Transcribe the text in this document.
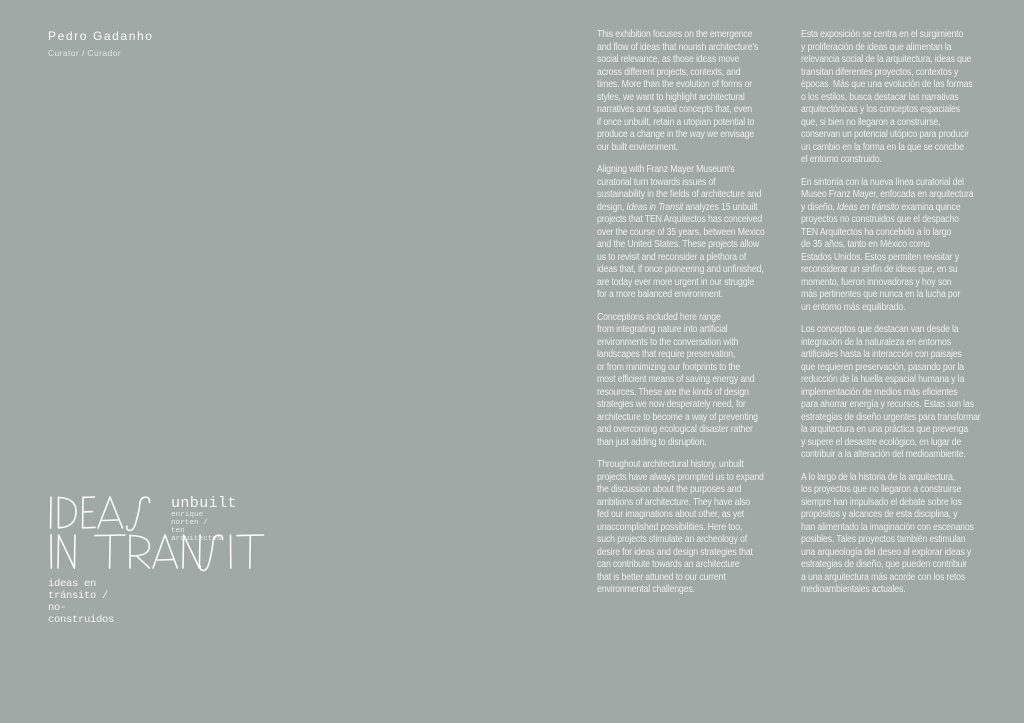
Pedro Gadanho
Curator / Curador

This exhibition focuses on the emergence
and flow of ideas that nourish architecture's
social relevance, as those ideas move
across different projects, contexts, and
times. More than the evolution of forms or
styles, we want to highlight architectural
narratives and spatial concepts that, even
if once unbuilt, retain a utopian potential to
produce a change in the way we envisage
our built environment.

Aligning with Franz Mayer Museum's
curatorial turn towards issues of
sustainability in the fields of architecture and
design, Ideas in Transit analyzes 15 unbuilt
projects that TEN Arquitectos has conceived
over the course of 35 years, between Mexico
and the United States. These projects allow
us to revisit and reconsider a plethora of
ideas that, if once pioneering and unfinished,
are today ever more urgent in our struggle
for a more balanced environment.

Conceptions included here range
from integrating nature into artificial
environments to the conversation with
landscapes that require preservation,
or from minimizing our footprints to the
most efficient means of saving energy and
resources. These are the kinds of design
strategies we now desperately need, for
architecture to become a way of preventing
and overcoming ecological disaster rather
than just adding to disruption.

Throughout architectural history, unbuilt
projects have always prompted us to expand
the discussion about the purposes and
ambitions of architecture. They have also
fed our imaginations about other, as yet
unaccomplished possibilities. Here too,
such projects stimulate an archeology of
desire for ideas and design strategies that
can contribute towards an architecture
that is better attuned to our current
environmental challenges.

Esta exposición se centra en el surgimiento
y proliferación de ideas que alimentan la
relevancia social de la arquitectura, ideas que
transitan diferentes proyectos, contextos y
épocas. Más que una evolución de las formas
o los estilos, busca destacar las narrativas
arquitectónicas y los conceptos espaciales
que, si bien no llegaron a construirse,
conservan un potencial utópico para producir
un cambio en la forma en la que se concibe
el entorno construido.

En sintonía con la nueva línea curatorial del
Museo Franz Mayer, enfocada en arquitectura
y diseño, Ideas en tránsito examina quince
proyectos no construidos que el despacho
TEN Arquitectos ha concebido a lo largo
de 35 años, tanto en México como
Estados Unidos. Estos permiten revisitar y
reconsiderar un sinfín de ideas que, en su
momento, fueron innovadoras y hoy son
más pertinentes que nunca en la lucha por
un entorno más equilibrado.

Los conceptos que destacan van desde la
integración de la naturaleza en entornos
artificiales hasta la interacción con paisajes
que requieren preservación, pasando por la
reducción de la huella espacial humana y la
implementación de medios más eficientes
para ahorrar energía y recursos. Estas son las
estrategias de diseño urgentes para transformar
la arquitectura en una práctica que prevenga
y supere el desastre ecológico, en lugar de
contribuir a la alteración del medioambiente.

A lo largo de la historia de la arquitectura,
los proyectos que no llegaron a construirse
siempre han impulsado el debate sobre los
propósitos y alcances de esta disciplina, y
han alimentado la imaginación con escenarios
posibles. Tales proyectos también estimulan
una arqueología del deseo al explorar ideas y
estrategias de diseño, que pueden contribuir
a una arquitectura más acorde con los retos
medioambientales actuales.

unbuilt
enrique norten / ten arquitectos
ideas en tránsito / no-construidos
